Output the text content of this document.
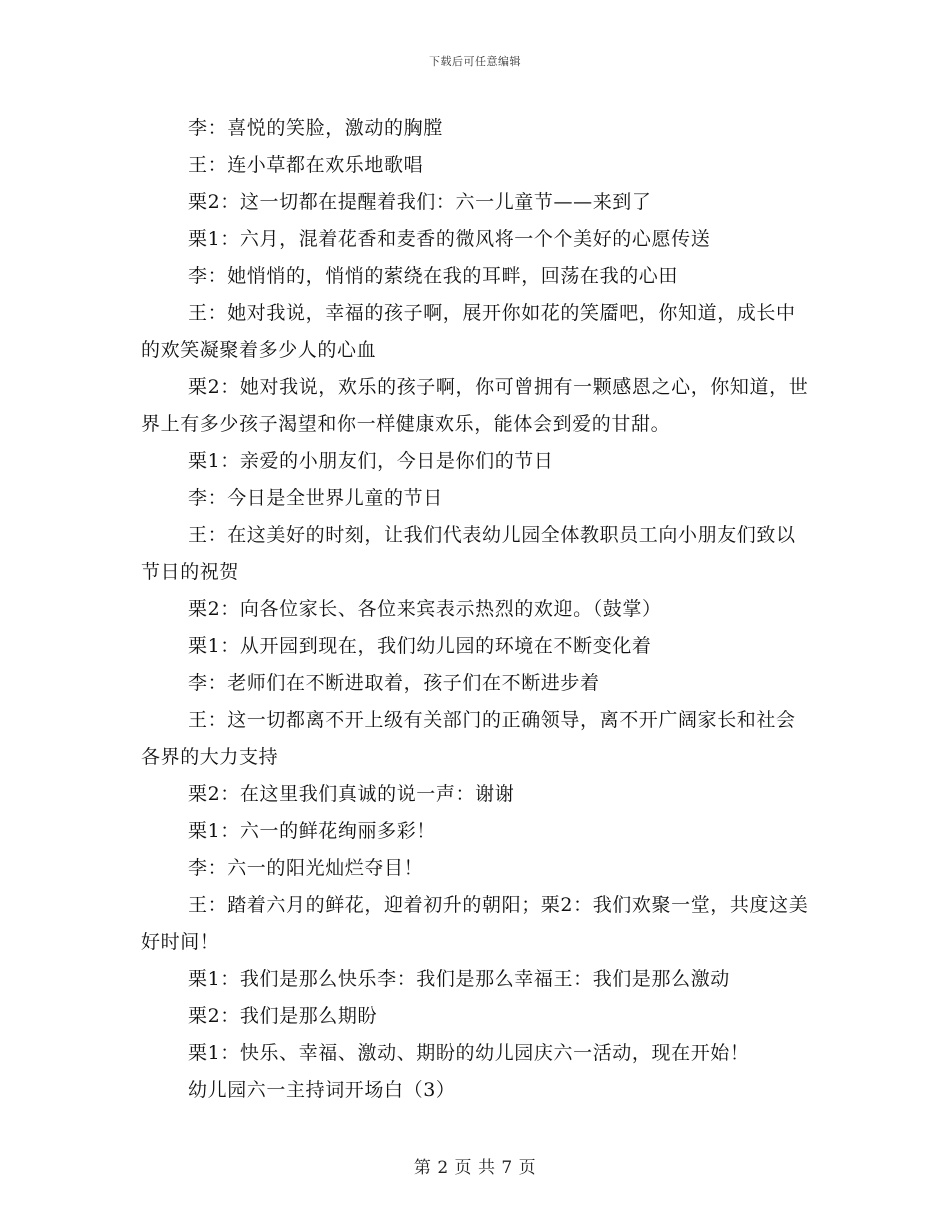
下载后可任意编辑

李：喜悦的笑脸，激动的胸膛

王：连小草都在欢乐地歌唱

栗2：这一切都在提醒着我们：六一儿童节——来到了

栗1：六月，混着花香和麦香的微风将一个个美好的心愿传送

李：她悄悄的，悄悄的萦绕在我的耳畔，回荡在我的心田

王：她对我说，幸福的孩子啊，展开你如花的笑靥吧，你知道，成长中的欢笑凝聚着多少人的心血

栗2：她对我说，欢乐的孩子啊，你可曾拥有一颗感恩之心，你知道，世界上有多少孩子渴望和你一样健康欢乐，能体会到爱的甘甜。

栗1：亲爱的小朋友们，今日是你们的节日

李：今日是全世界儿童的节日

王：在这美好的时刻，让我们代表幼儿园全体教职员工向小朋友们致以节日的祝贺

栗2：向各位家长、各位来宾表示热烈的欢迎。（鼓掌）

栗1：从开园到现在，我们幼儿园的环境在不断变化着

李：老师们在不断进取着，孩子们在不断进步着

王：这一切都离不开上级有关部门的正确领导，离不开广阔家长和社会各界的大力支持

栗2：在这里我们真诚的说一声：谢谢

栗1：六一的鲜花绚丽多彩！

李：六一的阳光灿烂夺目！

王：踏着六月的鲜花，迎着初升的朝阳；栗2：我们欢聚一堂，共度这美好时间！

栗1：我们是那么快乐李：我们是那么幸福王：我们是那么激动

栗2：我们是那么期盼

栗1：快乐、幸福、激动、期盼的幼儿园庆六一活动，现在开始！

幼儿园六一主持词开场白（3）

第 2 页 共 7 页
